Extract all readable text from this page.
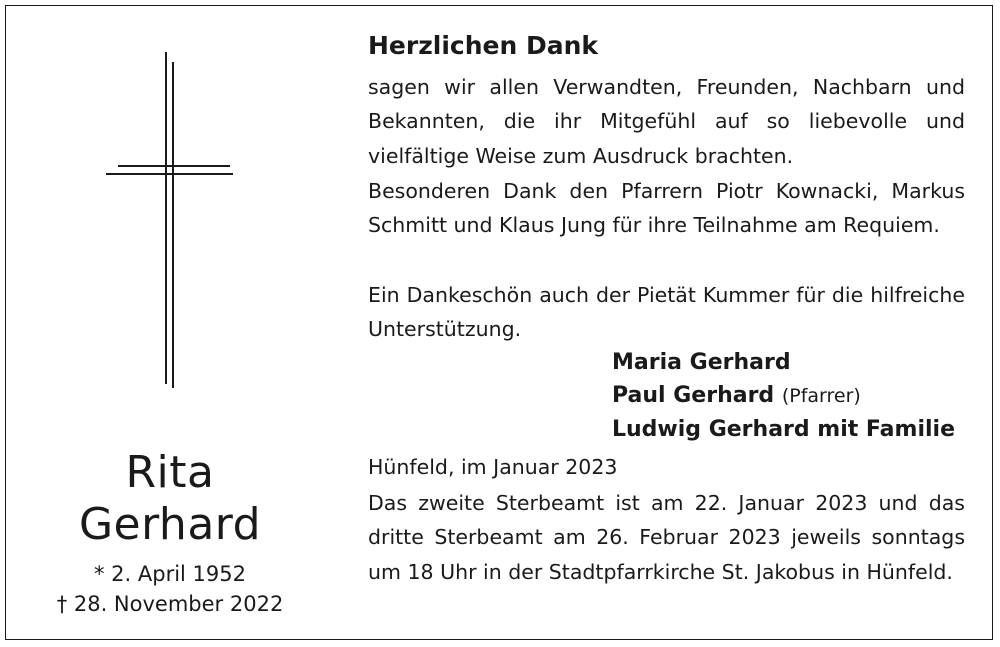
Rita
Gerhard
* 2. April 1952
† 28. November 2022
Herzlichen Dank

sagen wir allen Verwandten, Freunden, Nachbarn und Bekannten, die ihr Mitgefühl auf so liebevolle und vielfältige Weise zum Ausdruck brachten.

Besonderen Dank den Pfarrern Piotr Kownacki, Markus Schmitt und Klaus Jung für ihre Teilnahme am Requiem.

Ein Dankeschön auch der Pietät Kummer für die hilfreiche Unterstützung.

Maria Gerhard
Paul Gerhard (Pfarrer)
Ludwig Gerhard mit Familie

Hünfeld, im Januar 2023

Das zweite Sterbeamt ist am 22. Januar 2023 und das dritte Sterbeamt am 26. Februar 2023 jeweils sonntags um 18 Uhr in der Stadtpfarrkirche St. Jakobus in Hünfeld.
